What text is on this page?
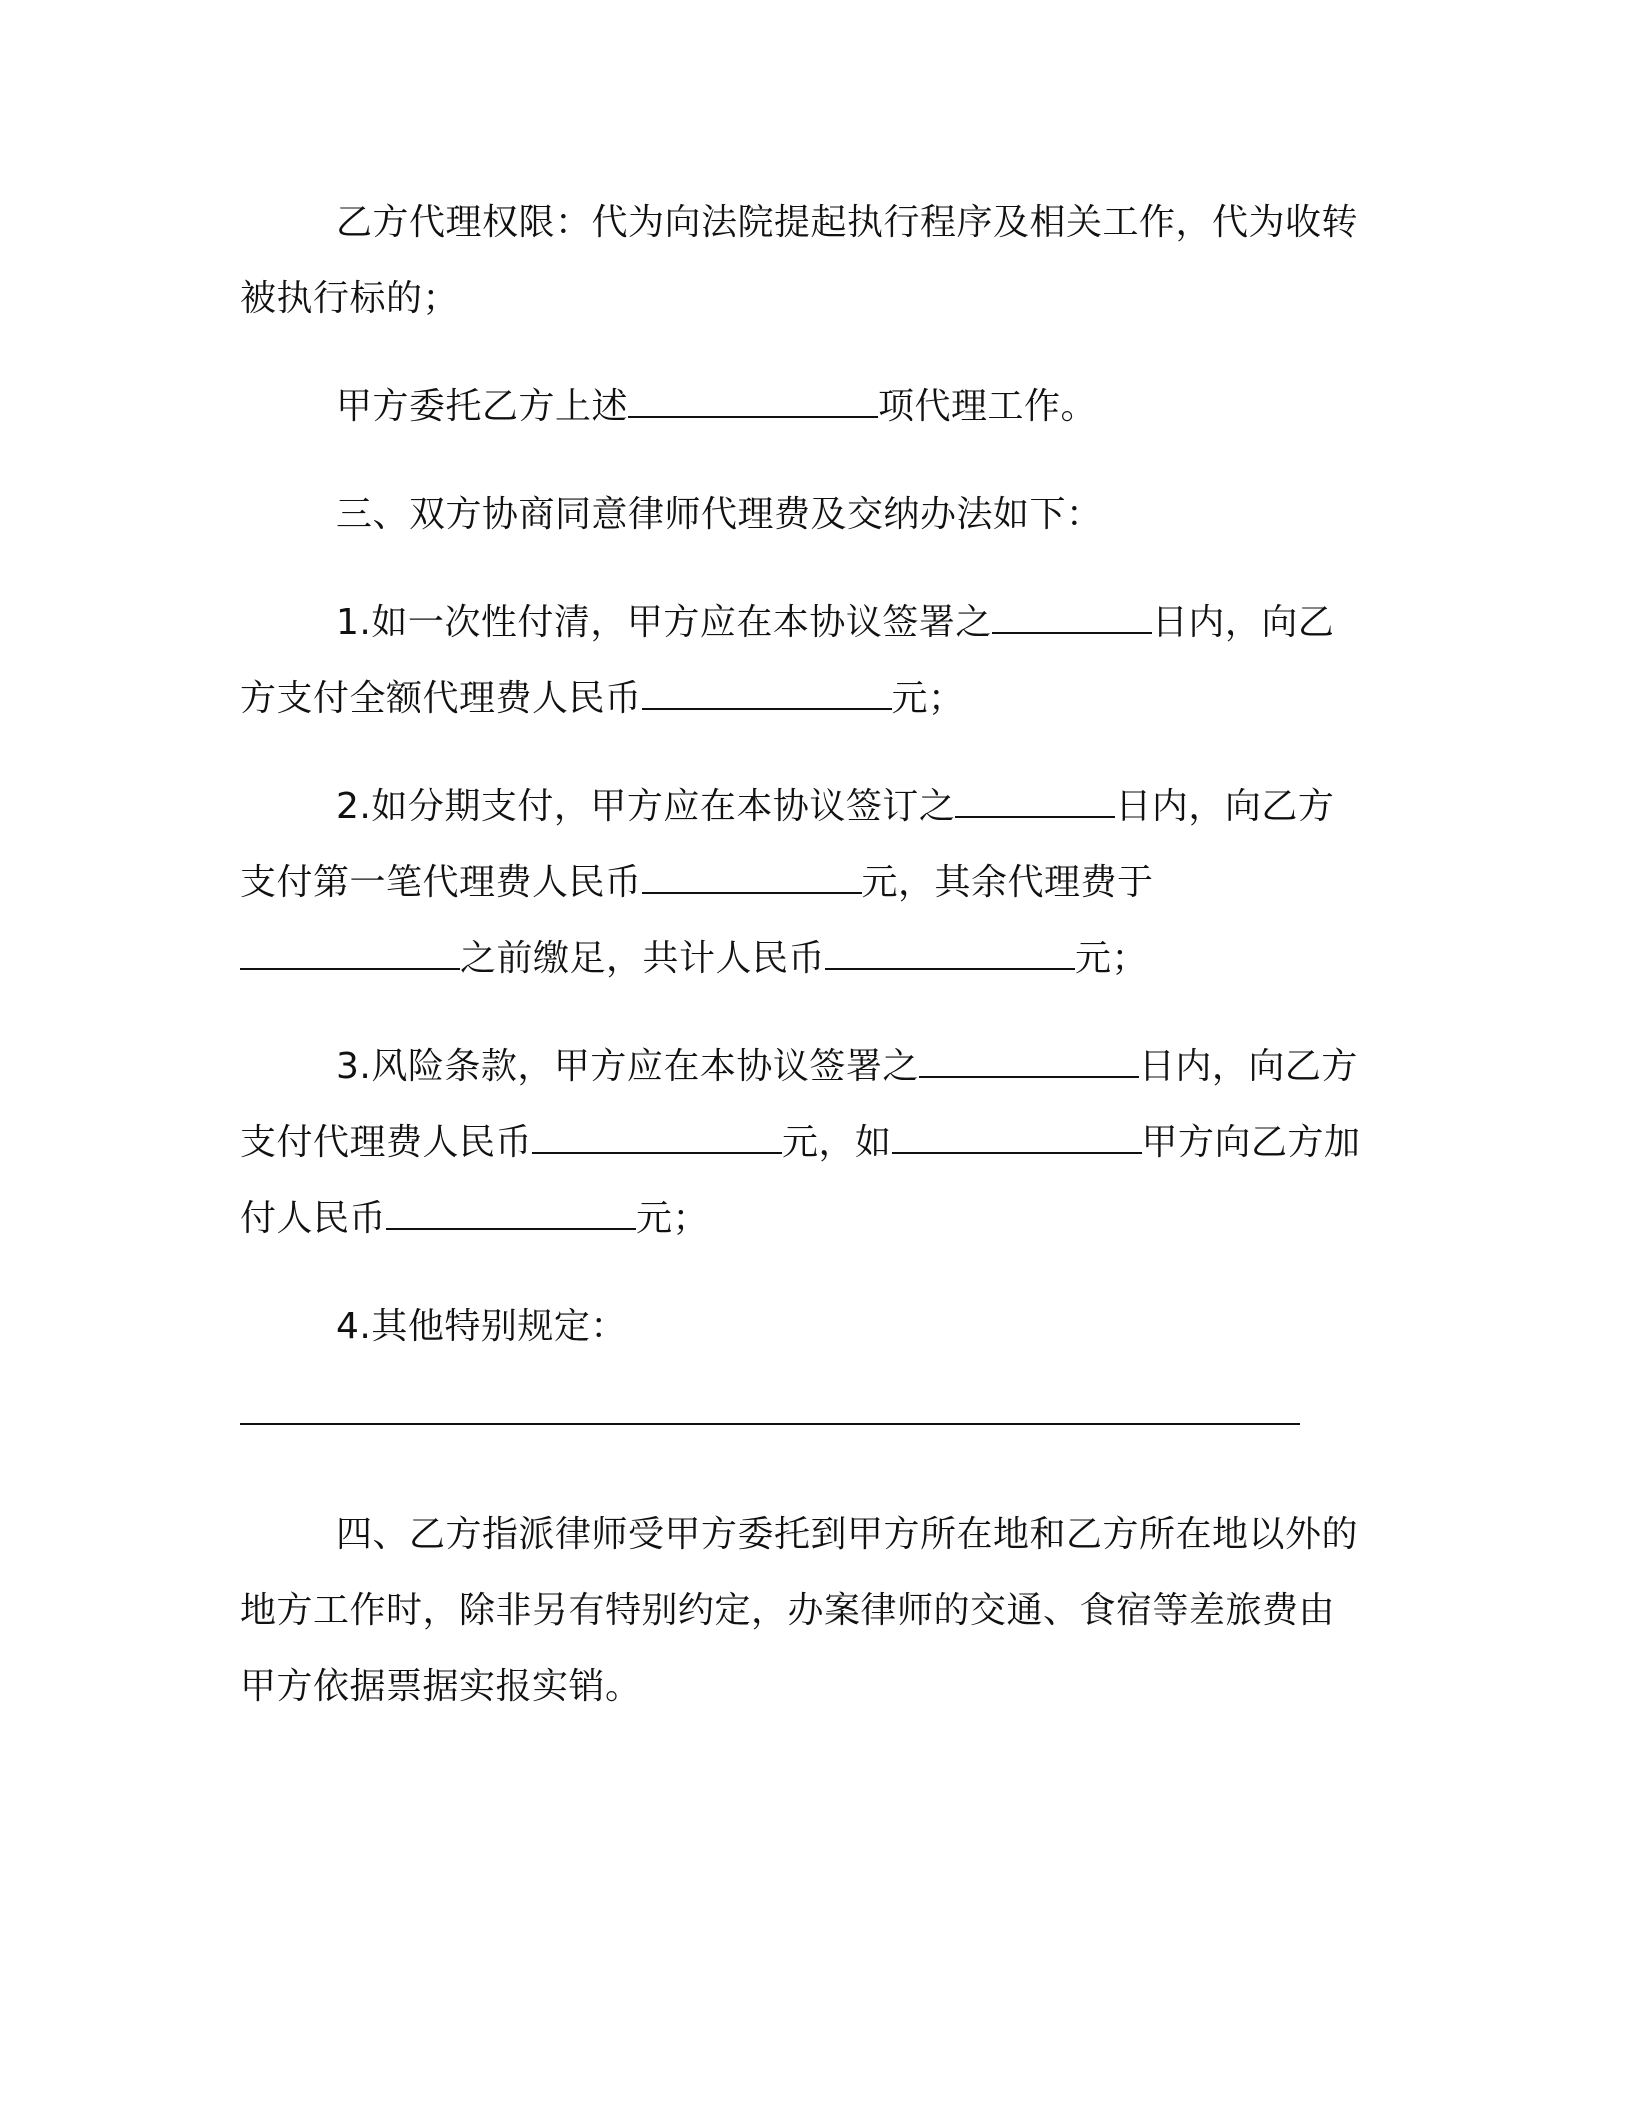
乙方代理权限：代为向法院提起执行程序及相关工作，代为收转被执行标的；

甲方委托乙方上述	项代理工作。

三、双方协商同意律师代理费及交纳办法如下：

1.如一次性付清，甲方应在本协议签署之	日内，向乙方支付全额代理费人民币	元；

2.如分期支付，甲方应在本协议签订之	日内，向乙方支付第一笔代理费人民币	元，其余代理费于之前缴足，共计人民币	元；

3.风险条款，甲方应在本协议签署之	日内，向乙方支付代理费人民币	元，如	甲方向乙方加付人民币	元；

4.其他特别规定：

四、乙方指派律师受甲方委托到甲方所在地和乙方所在地以外的地方工作时，除非另有特别约定，办案律师的交通、食宿等差旅费由甲方依据票据实报实销。
